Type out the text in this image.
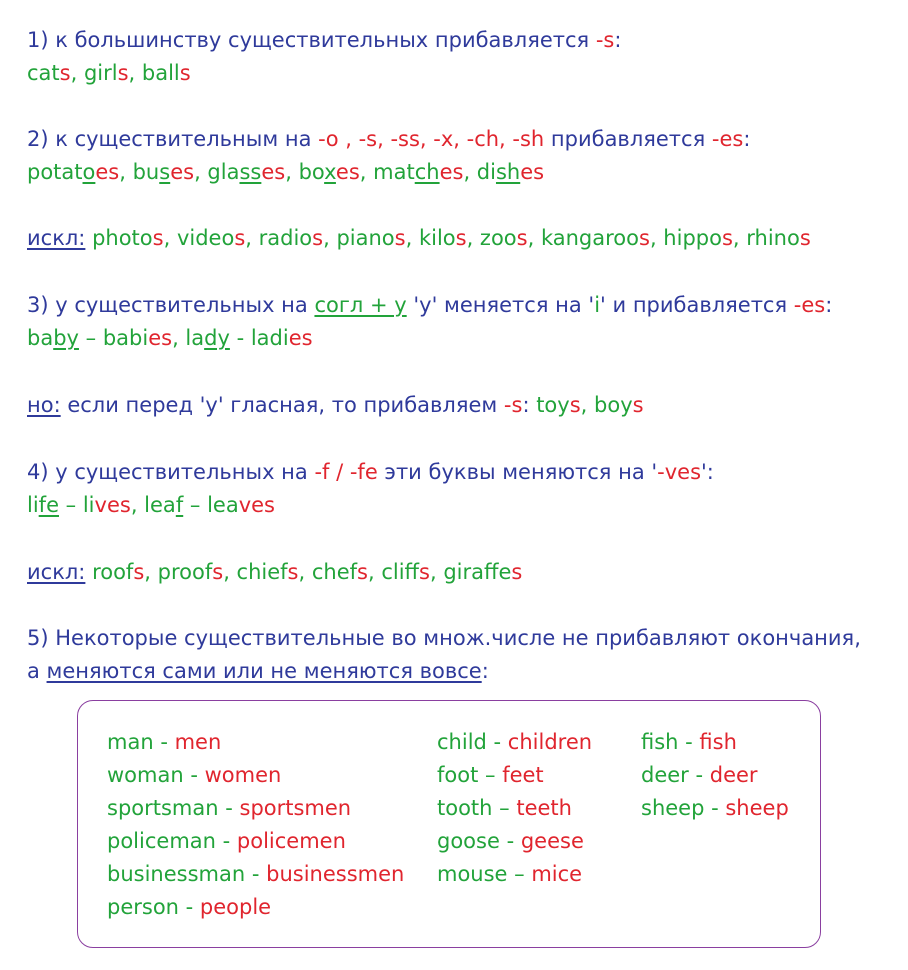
1) к большинству существительных прибавляется -s:
cats, girls, balls
2) к существительным на -o , -s, -ss, -x, -ch, -sh прибавляется -es:
potatoes, buses, glasses, boxes, matches, dishes
искл: photos, videos, radios, pianos, kilos, zoos, kangaroos, hippos, rhinos
3) у существительных на согл + y 'y' меняется на 'i' и прибавляется -es:
baby – babies, lady - ladies
но: если перед 'y' гласная, то прибавляем -s: toys, boys
4) у существительных на -f / -fe эти буквы меняются на '-ves':
life – lives, leaf – leaves
искл: roofs, proofs, chiefs, chefs, cliffs, giraffes
5) Некоторые существительные во множ.числе не прибавляют окончания,
а меняются сами или не меняются вовсе:
man - men
woman - women
sportsman - sportsmen
policeman - policemen
businessman - businessmen
person - people
child - children
foot – feet
tooth – teeth
goose - geese
mouse – mice
fish - fish
deer - deer
sheep - sheep
